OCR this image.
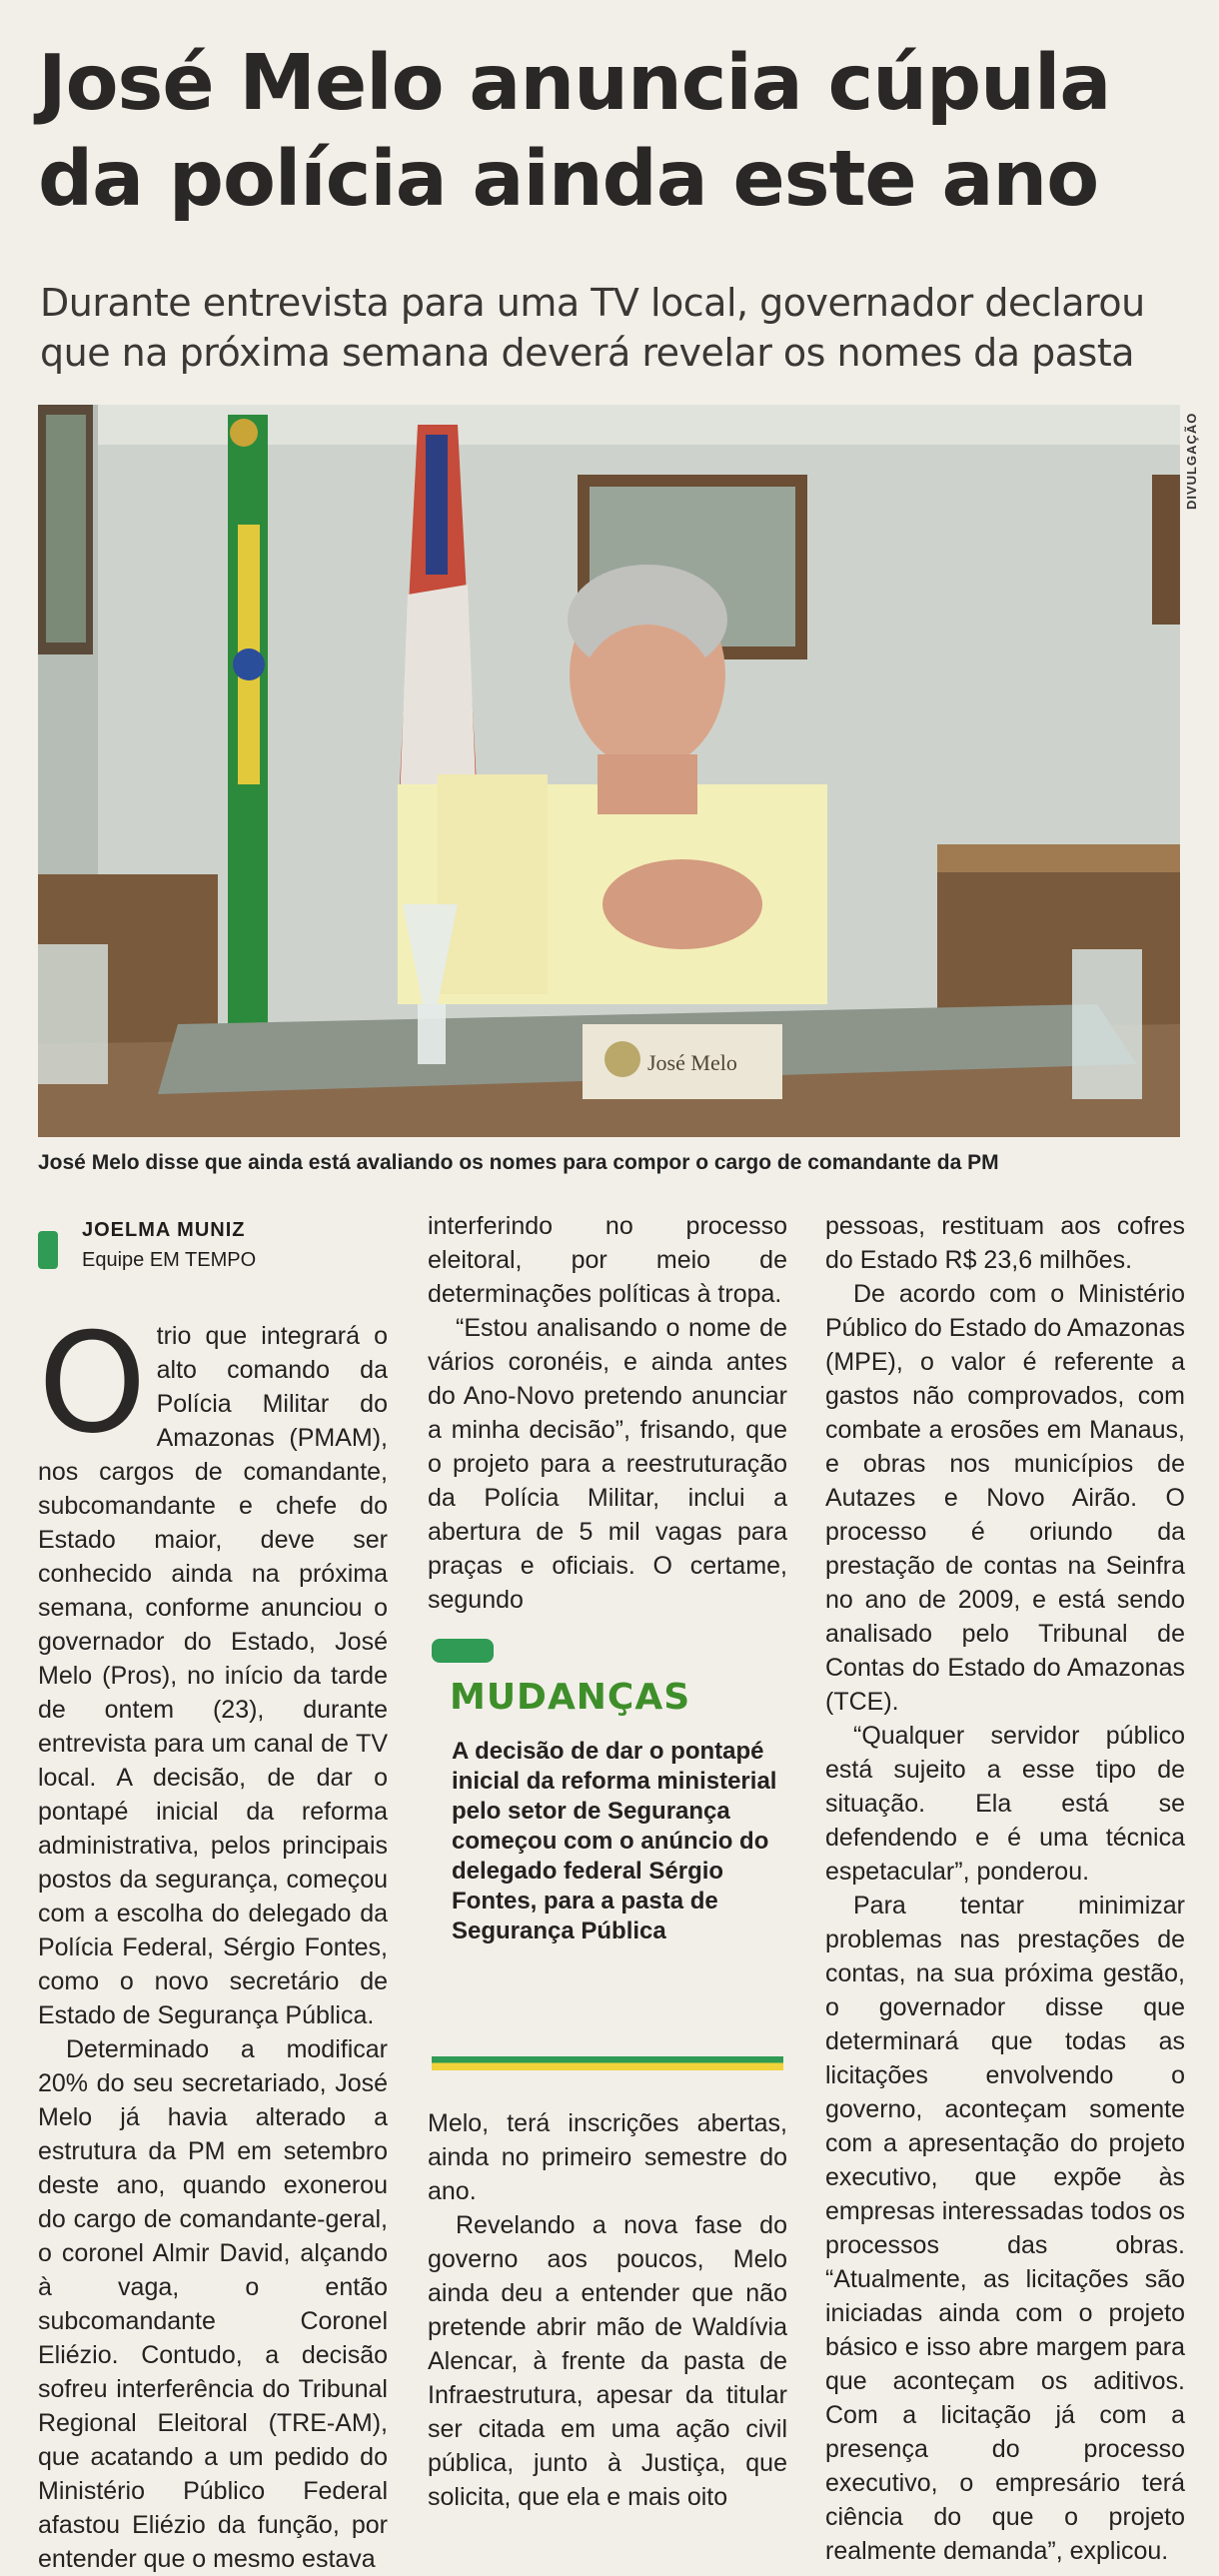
José Melo anuncia cúpula da polícia ainda este ano
Durante entrevista para uma TV local, governador declarou que na próxima semana deverá revelar os nomes da pasta
José Melo
DIVULGAÇÃO
José Melo disse que ainda está avaliando os nomes para compor o cargo de comandante da PM
JOELMA MUNIZ
Equipe EM TEMPO

Otrio que integrará o alto comando da Polícia Militar do Amazonas (PMAM), nos cargos de comandante, subcomandante e chefe do Estado maior, deve ser conhecido ainda na próxima semana, conforme anunciou o governador do Estado, José Melo (Pros), no início da tarde de ontem (23), durante entrevista para um canal de TV local. A decisão, de dar o pontapé inicial da reforma administrativa, pelos principais postos da segurança, começou com a escolha do delegado da Polícia Federal, Sérgio Fontes, como o novo secretário de Estado de Segurança Pública.

Determinado a modificar 20% do seu secretariado, José Melo já havia alterado a estrutura da PM em setembro deste ano, quando exonerou do cargo de comandante-geral, o coronel Almir David, alçando à vaga, o então subcomandante Coronel Eliézio. Contudo, a decisão sofreu interferência do Tribunal Regional Eleitoral (TRE-AM), que acatando a um pedido do Ministério Público Federal afastou Eliézio da função, por entender que o mesmo estava

interferindo no processo eleitoral, por meio de determinações políticas à tropa.

“Estou analisando o nome de vários coronéis, e ainda antes do Ano-Novo pretendo anunciar a minha decisão”, frisando, que o projeto para a reestruturação da Polícia Militar, inclui a abertura de 5 mil vagas para praças e oficiais. O certame, segundo

MUDANÇAS
A decisão de dar o pontapé inicial da reforma ministerial pelo setor de Segurança começou com o anúncio do delegado federal Sérgio Fontes, para a pasta de Segurança Pública

Melo, terá inscrições abertas, ainda no primeiro semestre do ano.

Revelando a nova fase do governo aos poucos, Melo ainda deu a entender que não pretende abrir mão de Waldívia Alencar, à frente da pasta de Infraestrutura, apesar da titular ser citada em uma ação civil pública, junto à Justiça, que solicita, que ela e mais oito

pessoas, restituam aos cofres do Estado R$ 23,6 milhões.

De acordo com o Ministério Público do Estado do Amazonas (MPE), o valor é referente a gastos não comprovados, com combate a erosões em Manaus, e obras nos municípios de Autazes e Novo Airão. O processo é oriundo da prestação de contas na Seinfra no ano de 2009, e está sendo analisado pelo Tribunal de Contas do Estado do Amazonas (TCE).

“Qualquer servidor público está sujeito a esse tipo de situação. Ela está se defendendo e é uma técnica espetacular”, ponderou.

Para tentar minimizar problemas nas prestações de contas, na sua próxima gestão, o governador disse que determinará que todas as licitações envolvendo o governo, aconteçam somente com a apresentação do projeto executivo, que expõe às empresas interessadas todos os processos das obras. “Atualmente, as licitações são iniciadas ainda com o projeto básico e isso abre margem para que aconteçam os aditivos. Com a licitação já com a presença do processo executivo, o empresário terá ciência do que o projeto realmente demanda”, explicou.
